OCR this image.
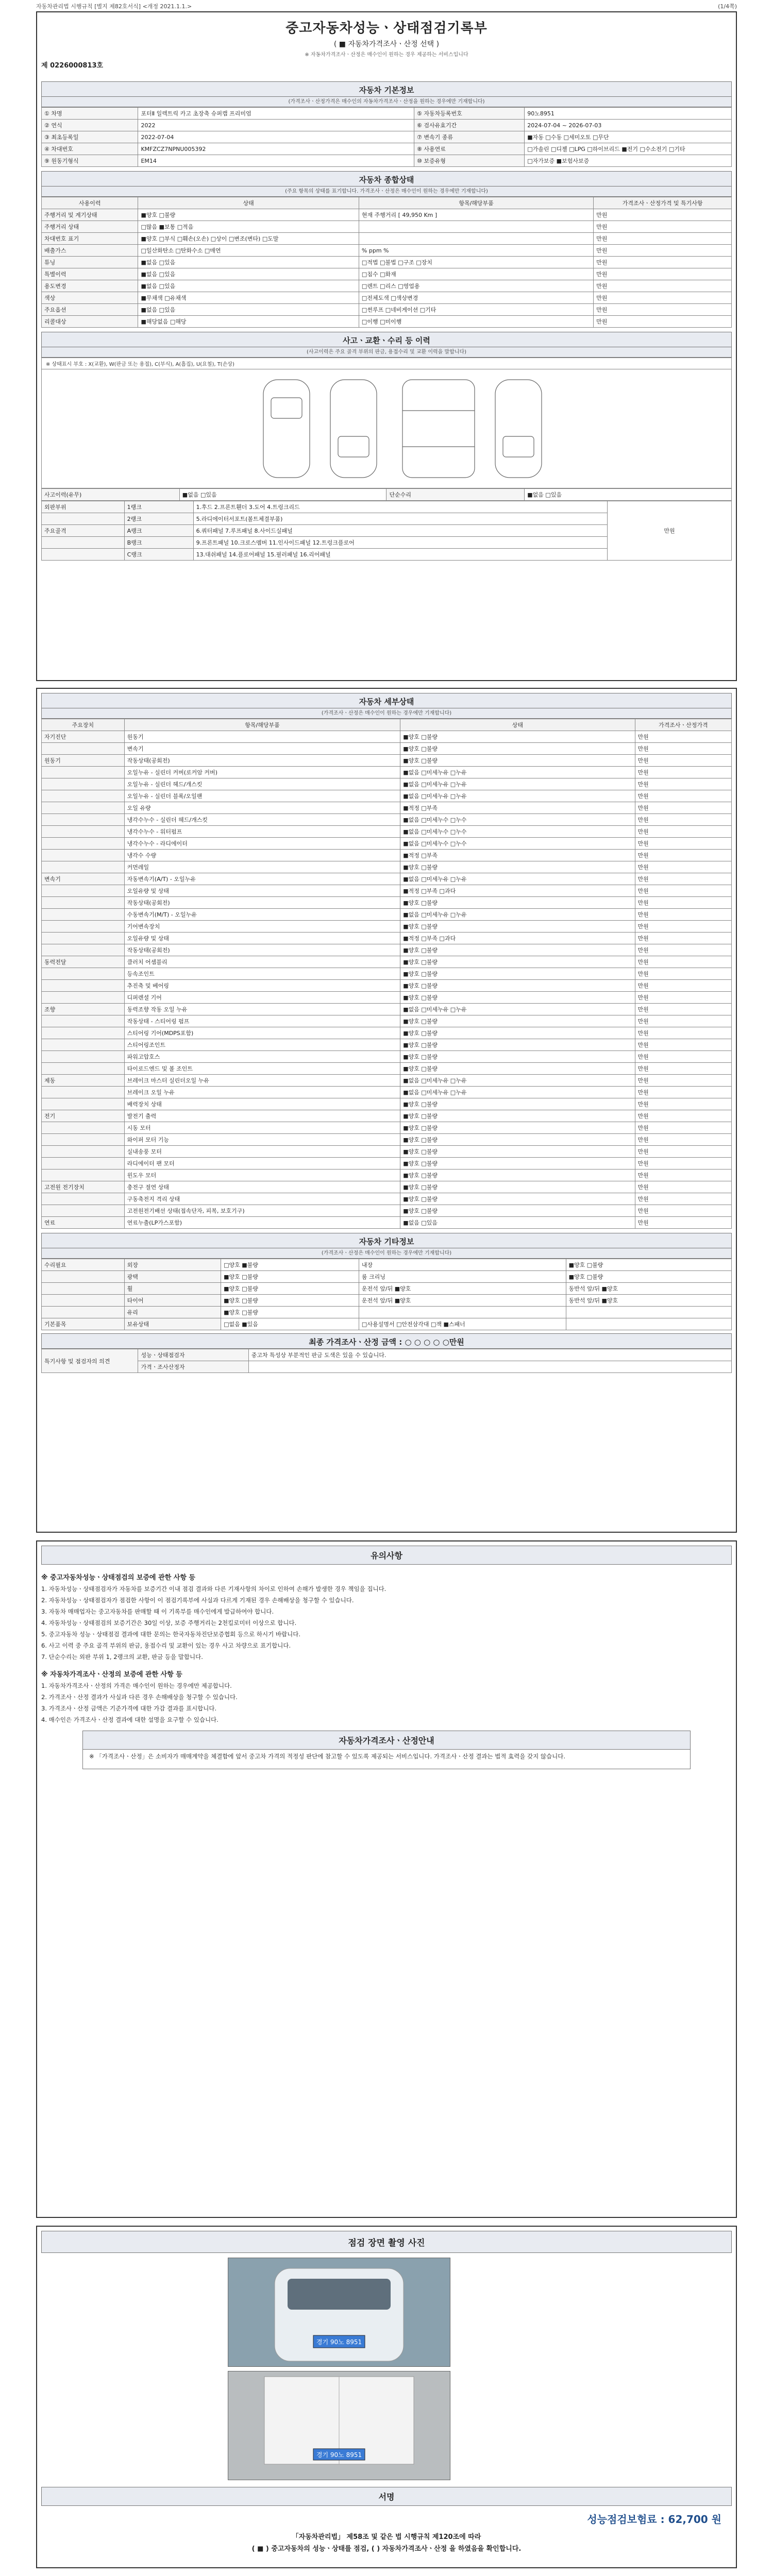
자동차관리법 시행규칙 [별지 제82호서식] <개정 2021.1.1.>	(1/4쪽)
중고자동차성능ㆍ상태점검기록부
( ■ 자동차가격조사ㆍ산정 선택 )
※ 자동차가격조사ㆍ산정은 매수인이 원하는 경우 제공하는 서비스입니다
제 0226000813호
자동차 기본정보
(가격조사ㆍ산정가격은 매수인의 자동차가격조사ㆍ산정을 원하는 경우에만 기재합니다)
① 차명	포터Ⅱ 일렉트릭 카고 초장축 슈퍼캡 프리미엄	⑤ 자동차등록번호	90노8951
② 연식	2022	⑥ 검사유효기간	2024-07-04 ~ 2026-07-03
③ 최초등록일	2022-07-04	⑦ 변속기 종류	■자동 □수동 □세미오토 □무단
④ 차대번호	KMFZCZ7NPNU005392	⑧ 사용연료	□가솔린 □디젤 □LPG □하이브리드 ■전기 □수소전기 □기타
⑨ 원동기형식	EM14	⑩ 보증유형	□자가보증 ■보험사보증
자동차 종합상태
(주요 항목의 상태를 표기합니다. 가격조사ㆍ산정은 매수인이 원하는 경우에만 기재합니다)
사용이력	상태	항목/해당부품	가격조사ㆍ산정가격 및 특기사항
주행거리 및 계기상태	■양호 □불량	현재 주행거리 [ 49,950 Km ]	만원
주행거리 상태	□많음 ■보통 □적음		만원
차대번호 표기	■양호 □부식 □훼손(오손) □상이 □변조(변타) □도말		만원
배출가스	□일산화탄소 □탄화수소 □매연	% ppm %	만원
튜닝	■없음 □있음	□적법 □불법 □구조 □장치	만원
특별이력	■없음 □있음	□침수 □화재	만원
용도변경	■없음 □있음	□렌트 □리스 □영업용	만원
색상	■무채색 □유채색	□전체도색 □색상변경	만원
주요옵션	■없음 □있음	□썬루프 □네비게이션 □기타	만원
리콜대상	■해당없음 □해당	□이행 □미이행	만원
사고ㆍ교환ㆍ수리 등 이력
(사고이력은 주요 골격 부위의 판금, 용접수리 및 교환 이력을 말합니다)
※ 상태표시 부호 : X(교환), W(판금 또는 용접), C(부식), A(흠집), U(요철), T(손상)
사고이력(유무)	■없음 □있음	단순수리	■없음 □있음
외판부위	1랭크	1.후드 2.프론트휀더 3.도어 4.트렁크리드	만원
	2랭크	5.라디에이터서포트(볼트체결부품)	
주요골격	A랭크	6.쿼터패널 7.루프패널 8.사이드실패널	
	B랭크	9.프론트패널 10.크로스멤버 11.인사이드패널 12.트렁크플로어	
	C랭크	13.대쉬패널 14.플로어패널 15.필러패널 16.리어패널	
자동차 세부상태
(가격조사ㆍ산정은 매수인이 원하는 경우에만 기재합니다)
주요장치	항목/해당부품	상태	가격조사ㆍ산정가격
자기진단	원동기	■양호 □불량	만원
	변속기	■양호 □불량	만원
원동기	작동상태(공회전)	■양호 □불량	만원
	오일누유 - 실린더 커버(로커암 커버)	■없음 □미세누유 □누유	만원
	오일누유 - 실린더 헤드/개스킷	■없음 □미세누유 □누유	만원
	오일누유 - 실린더 블록/오일팬	■없음 □미세누유 □누유	만원
	오일 유량	■적정 □부족	만원
	냉각수누수 - 실린더 헤드/개스킷	■없음 □미세누수 □누수	만원
	냉각수누수 - 워터펌프	■없음 □미세누수 □누수	만원
	냉각수누수 - 라디에이터	■없음 □미세누수 □누수	만원
	냉각수 수량	■적정 □부족	만원
	커먼레일	■양호 □불량	만원
변속기	자동변속기(A/T) - 오일누유	■없음 □미세누유 □누유	만원
	오일유량 및 상태	■적정 □부족 □과다	만원
	작동상태(공회전)	■양호 □불량	만원
	수동변속기(M/T) - 오일누유	■없음 □미세누유 □누유	만원
	기어변속장치	■양호 □불량	만원
	오일유량 및 상태	■적정 □부족 □과다	만원
	작동상태(공회전)	■양호 □불량	만원
동력전달	클러치 어셈블리	■양호 □불량	만원
	등속조인트	■양호 □불량	만원
	추진축 및 베어링	■양호 □불량	만원
	디퍼렌셜 기어	■양호 □불량	만원
조향	동력조향 작동 오일 누유	■없음 □미세누유 □누유	만원
	작동상태 - 스티어링 펌프	■양호 □불량	만원
	스티어링 기어(MDPS포함)	■양호 □불량	만원
	스티어링조인트	■양호 □불량	만원
	파워고압호스	■양호 □불량	만원
	타이로드엔드 및 볼 조인트	■양호 □불량	만원
제동	브레이크 마스터 실린더오일 누유	■없음 □미세누유 □누유	만원
	브레이크 오일 누유	■없음 □미세누유 □누유	만원
	배력장치 상태	■양호 □불량	만원
전기	발전기 출력	■양호 □불량	만원
	시동 모터	■양호 □불량	만원
	와이퍼 모터 기능	■양호 □불량	만원
	실내송풍 모터	■양호 □불량	만원
	라디에이터 팬 모터	■양호 □불량	만원
	윈도우 모터	■양호 □불량	만원
고전원 전기장치	충전구 절연 상태	■양호 □불량	만원
	구동축전지 격리 상태	■양호 □불량	만원
	고전원전기배선 상태(접속단자, 피복, 보호기구)	■양호 □불량	만원
연료	연료누출(LP가스포함)	■없음 □있음	만원
자동차 기타정보
(가격조사ㆍ산정은 매수인이 원하는 경우에만 기재합니다)
수리필요	외장	□양호 ■불량	내장	■양호 □불량
	광택	■양호 □불량	룸 크리닝	■양호 □불량
	휠	■양호 □불량	운전석 앞/뒤 ■양호	동반석 앞/뒤 ■양호
	타이어	■양호 □불량	운전석 앞/뒤 ■양호	동반석 앞/뒤 ■양호
	유리	■양호 □불량		
기본품목	보유상태	□없음 ■있음	□사용설명서 □안전삼각대 □잭 ■스패너	
최종 가격조사ㆍ산정 금액 : ○ ○ ○ ○ ○만원
특기사항 및 점검자의 의견	성능ㆍ상태점검자	중고차 특성상 부분적인 판금 도색은 있을 수 있습니다.
	가격ㆍ조사산정자	
유의사항
※ 중고자동차성능ㆍ상태점검의 보증에 관한 사항 등

1. 자동차성능ㆍ상태점검자가 자동차를 보증기간 이내 점검 결과와 다른 기재사항의 차이로 인하여 손해가 발생한 경우 책임을 집니다.

2. 자동차성능ㆍ상태점검자가 점검한 사항이 이 점검기록부에 사실과 다르게 기재된 경우 손해배상을 청구할 수 있습니다.

3. 자동차 매매업자는 중고자동차를 판매할 때 이 기록부를 매수인에게 발급하여야 합니다.

4. 자동차성능ㆍ상태점검의 보증기간은 30일 이상, 보증 주행거리는 2천킬로미터 이상으로 합니다.

5. 중고자동차 성능ㆍ상태점검 결과에 대한 문의는 한국자동차진단보증협회 등으로 하시기 바랍니다.

6. 사고 이력 중 주요 골격 부위의 판금, 용접수리 및 교환이 있는 경우 사고 차량으로 표기합니다.

7. 단순수리는 외판 부위 1, 2랭크의 교환, 판금 등을 말합니다.

※ 자동차가격조사ㆍ산정의 보증에 관한 사항 등

1. 자동차가격조사ㆍ산정의 가격은 매수인이 원하는 경우에만 제공합니다.

2. 가격조사ㆍ산정 결과가 사실과 다른 경우 손해배상을 청구할 수 있습니다.

3. 가격조사ㆍ산정 금액은 기준가격에 대한 가감 결과를 표시합니다.

4. 매수인은 가격조사ㆍ산정 결과에 대한 설명을 요구할 수 있습니다.

자동차가격조사ㆍ산정안내

※ 「가격조사ㆍ산정」은 소비자가 매매계약을 체결함에 앞서 중고차 가격의 적정성 판단에 참고할 수 있도록 제공되는 서비스입니다. 가격조사ㆍ산정 결과는 법적 효력을 갖지 않습니다.

점검 장면 촬영 사진
경기 90노 8951
경기 90노 8951
서명
성능점검보험료 : 62,700 원
「자동차관리법」 제58조 및 같은 법 시행규칙 제120조에 따라
( ■ ) 중고자동차의 성능ㆍ상태를 점검, ( ) 자동차가격조사ㆍ산정 을 하였음을 확인합니다.
